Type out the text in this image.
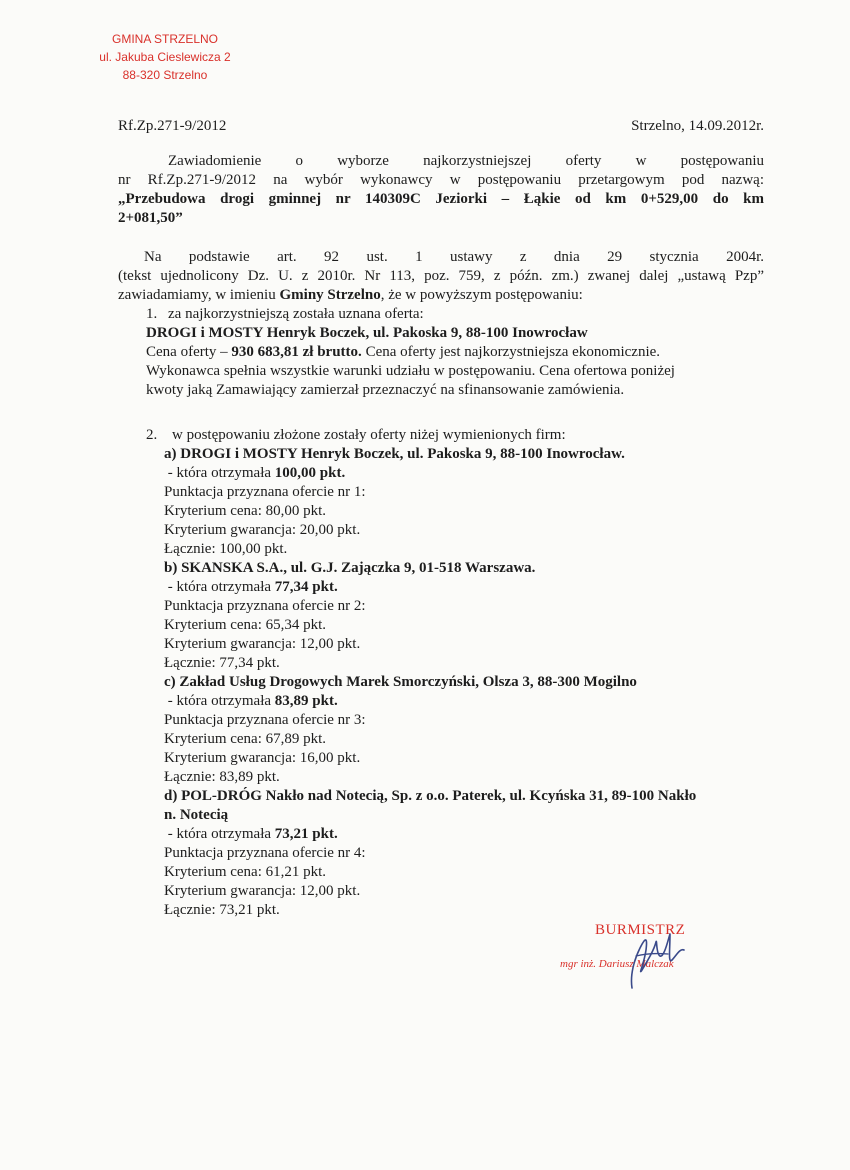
GMINA STRZELNO
ul. Jakuba Cieslewicza 2
88-320 Strzelno
Rf.Zp.271-9/2012	Strzelno, 14.09.2012r.

Zawiadomienie o wyborze najkorzystniejszej oferty w postępowaniu

nr Rf.Zp.271-9/2012 na wybór wykonawcy w postępowaniu przetargowym pod nazwą:

„Przebudowa drogi gminnej nr 140309C Jeziorki – Łąkie od km 0+529,00 do km

2+081,50”

Na podstawie art. 92 ust. 1 ustawy z dnia 29 stycznia 2004r.

(tekst ujednolicony Dz. U. z 2010r. Nr 113, poz. 759, z późn. zm.) zwanej dalej „ustawą Pzp”

zawiadamiamy, w imieniu Gminy Strzelno, że w powyższym postępowaniu:

1. za najkorzystniejszą została uznana oferta:

DROGI i MOSTY Henryk Boczek, ul. Pakoska 9, 88-100 Inowrocław

Cena oferty – 930 683,81 zł brutto. Cena oferty jest najkorzystniejsza ekonomicznie.

Wykonawca spełnia wszystkie warunki udziału w postępowaniu. Cena ofertowa poniżej

kwoty jaką Zamawiający zamierzał przeznaczyć na sfinansowanie zamówienia.

2. w postępowaniu złożone zostały oferty niżej wymienionych firm:

a) DROGI i MOSTY Henryk Boczek, ul. Pakoska 9, 88-100 Inowrocław.

- która otrzymała 100,00 pkt.

Punktacja przyznana ofercie nr 1:

Kryterium cena: 80,00 pkt.

Kryterium gwarancja: 20,00 pkt.

Łącznie: 100,00 pkt.

b) SKANSKA S.A., ul. G.J. Zajączka 9, 01-518 Warszawa.

- która otrzymała 77,34 pkt.

Punktacja przyznana ofercie nr 2:

Kryterium cena: 65,34 pkt.

Kryterium gwarancja: 12,00 pkt.

Łącznie: 77,34 pkt.

c) Zakład Usług Drogowych Marek Smorczyński, Olsza 3, 88-300 Mogilno

- która otrzymała 83,89 pkt.

Punktacja przyznana ofercie nr 3:

Kryterium cena: 67,89 pkt.

Kryterium gwarancja: 16,00 pkt.

Łącznie: 83,89 pkt.

d) POL-DRÓG Nakło nad Notecią, Sp. z o.o. Paterek, ul. Kcyńska 31, 89-100 Nakło

n. Notecią

- która otrzymała 73,21 pkt.

Punktacja przyznana ofercie nr 4:

Kryterium cena: 61,21 pkt.

Kryterium gwarancja: 12,00 pkt.

Łącznie: 73,21 pkt.

BURMISTRZ
mgr inż. Dariusz Malczak
